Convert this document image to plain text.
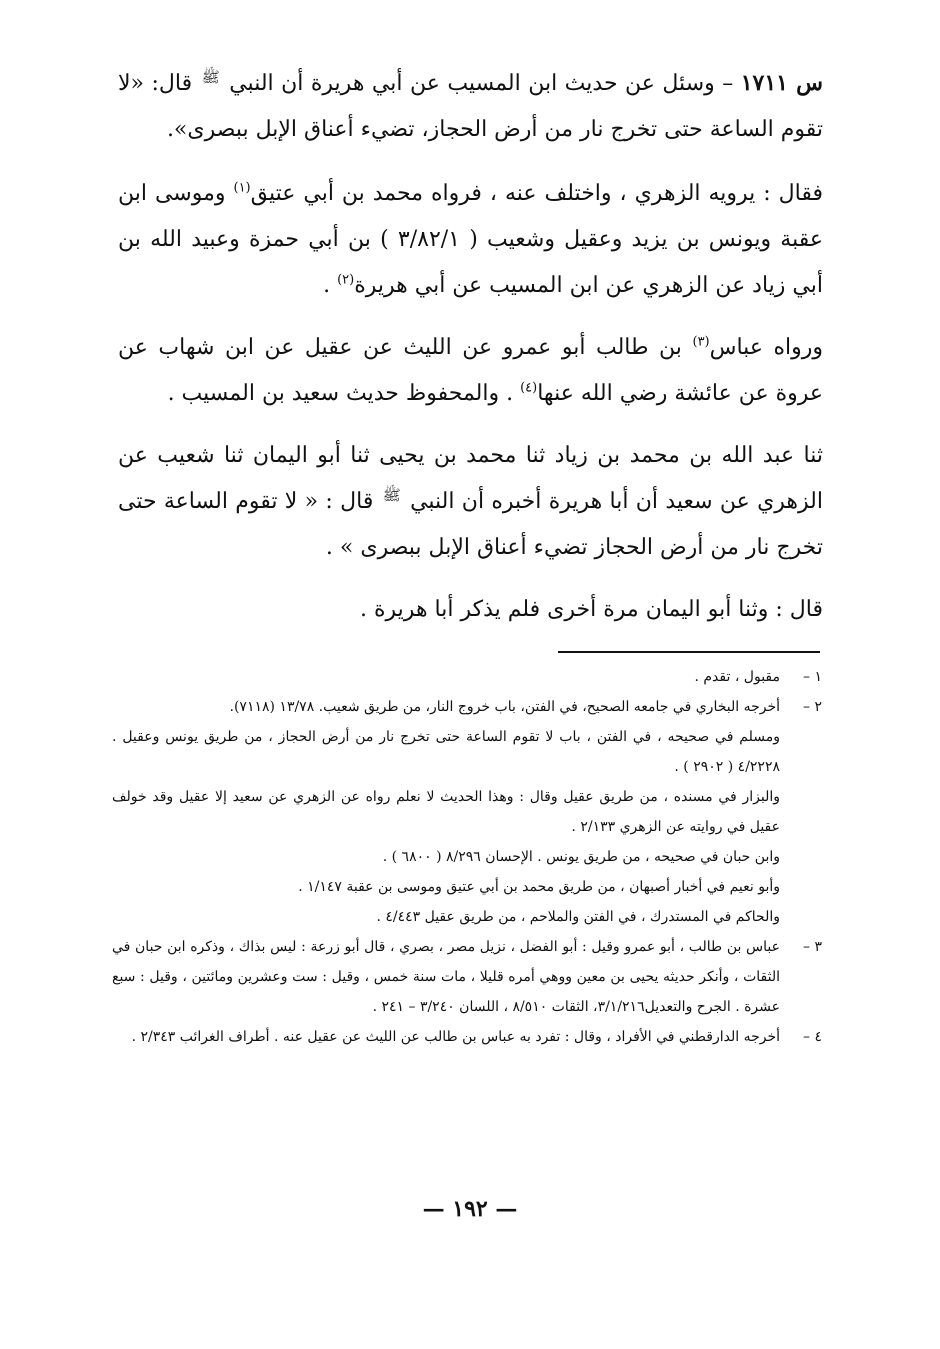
س ١٧١١ – وسئل عن حديث ابن المسيب عن أبي هريرة أن النبي ﷺ قال: «لا تقوم الساعة حتى تخرج نار من أرض الحجاز، تضيء أعناق الإبل ببصرى».

فقال : يرويه الزهري ، واختلف عنه ، فرواه محمد بن أبي عتيق$^{(١)}$ وموسى ابن عقبة ويونس بن يزيد وعقيل وشعيب ( ٣/٨٢/١ ) بن أبي حمزة وعبيد الله بن أبي زياد عن الزهري عن ابن المسيب عن أبي هريرة$^{(٢)}$ .

ورواه عباس$^{(٣)}$ بن طالب أبو عمرو عن الليث عن عقيل عن ابن شهاب عن عروة عن عائشة رضي الله عنها$^{(٤)}$ . والمحفوظ حديث سعيد بن المسيب .

ثنا عبد الله بن محمد بن زياد ثنا محمد بن يحيى ثنا أبو اليمان ثنا شعيب عن الزهري عن سعيد أن أبا هريرة أخبره أن النبي ﷺ قال : « لا تقوم الساعة حتى تخرج نار من أرض الحجاز تضيء أعناق الإبل ببصرى » .

قال : وثنا أبو اليمان مرة أخرى فلم يذكر أبا هريرة .

١ –

مقبول ، تقدم .

٢ –

أخرجه البخاري في جامعه الصحيح، في الفتن، باب خروج النار، من طريق شعيب. ١٣/٧٨ (٧١١٨).

ومسلم في صحيحه ، في الفتن ، باب لا تقوم الساعة حتى تخرج نار من أرض الحجاز ، من طريق يونس وعقيل . ٤/٢٢٢٨ ( ٢٩٠٢ ) .

والبزار في مسنده ، من طريق عقيل وقال : وهذا الحديث لا نعلم رواه عن الزهري عن سعيد إلا عقيل وقد خولف عقيل في روايته عن الزهري ٢/١٣٣ .

وابن حبان في صحيحه ، من طريق يونس . الإحسان ٨/٢٩٦ ( ٦٨٠٠ ) .

وأبو نعيم في أخبار أصبهان ، من طريق محمد بن أبي عتيق وموسى بن عقبة ١/١٤٧ .

والحاكم في المستدرك ، في الفتن والملاحم ، من طريق عقيل ٤/٤٤٣ .

٣ –

عباس بن طالب ، أبو عمرو وقيل : أبو الفضل ، نزيل مصر ، بصري ، قال أبو زرعة : ليس بذاك ، وذكره ابن حبان في الثقات ، وأنكر حديثه يحيى بن معين ووهي أمره قليلا ، مات سنة خمس ، وقيل : ست وعشرين ومائتين ، وقيل : سبع عشرة . الجرح والتعديل٣/١/٢١٦، الثقات ٨/٥١٠ ، اللسان ٣/٢٤٠ – ٢٤١ .

٤ –

أخرجه الدارقطني في الأفراد ، وقال : تفرد به عباس بن طالب عن الليث عن عقيل عنه . أطراف الغرائب ٢/٣٤٣ .

— ١٩٢ —
